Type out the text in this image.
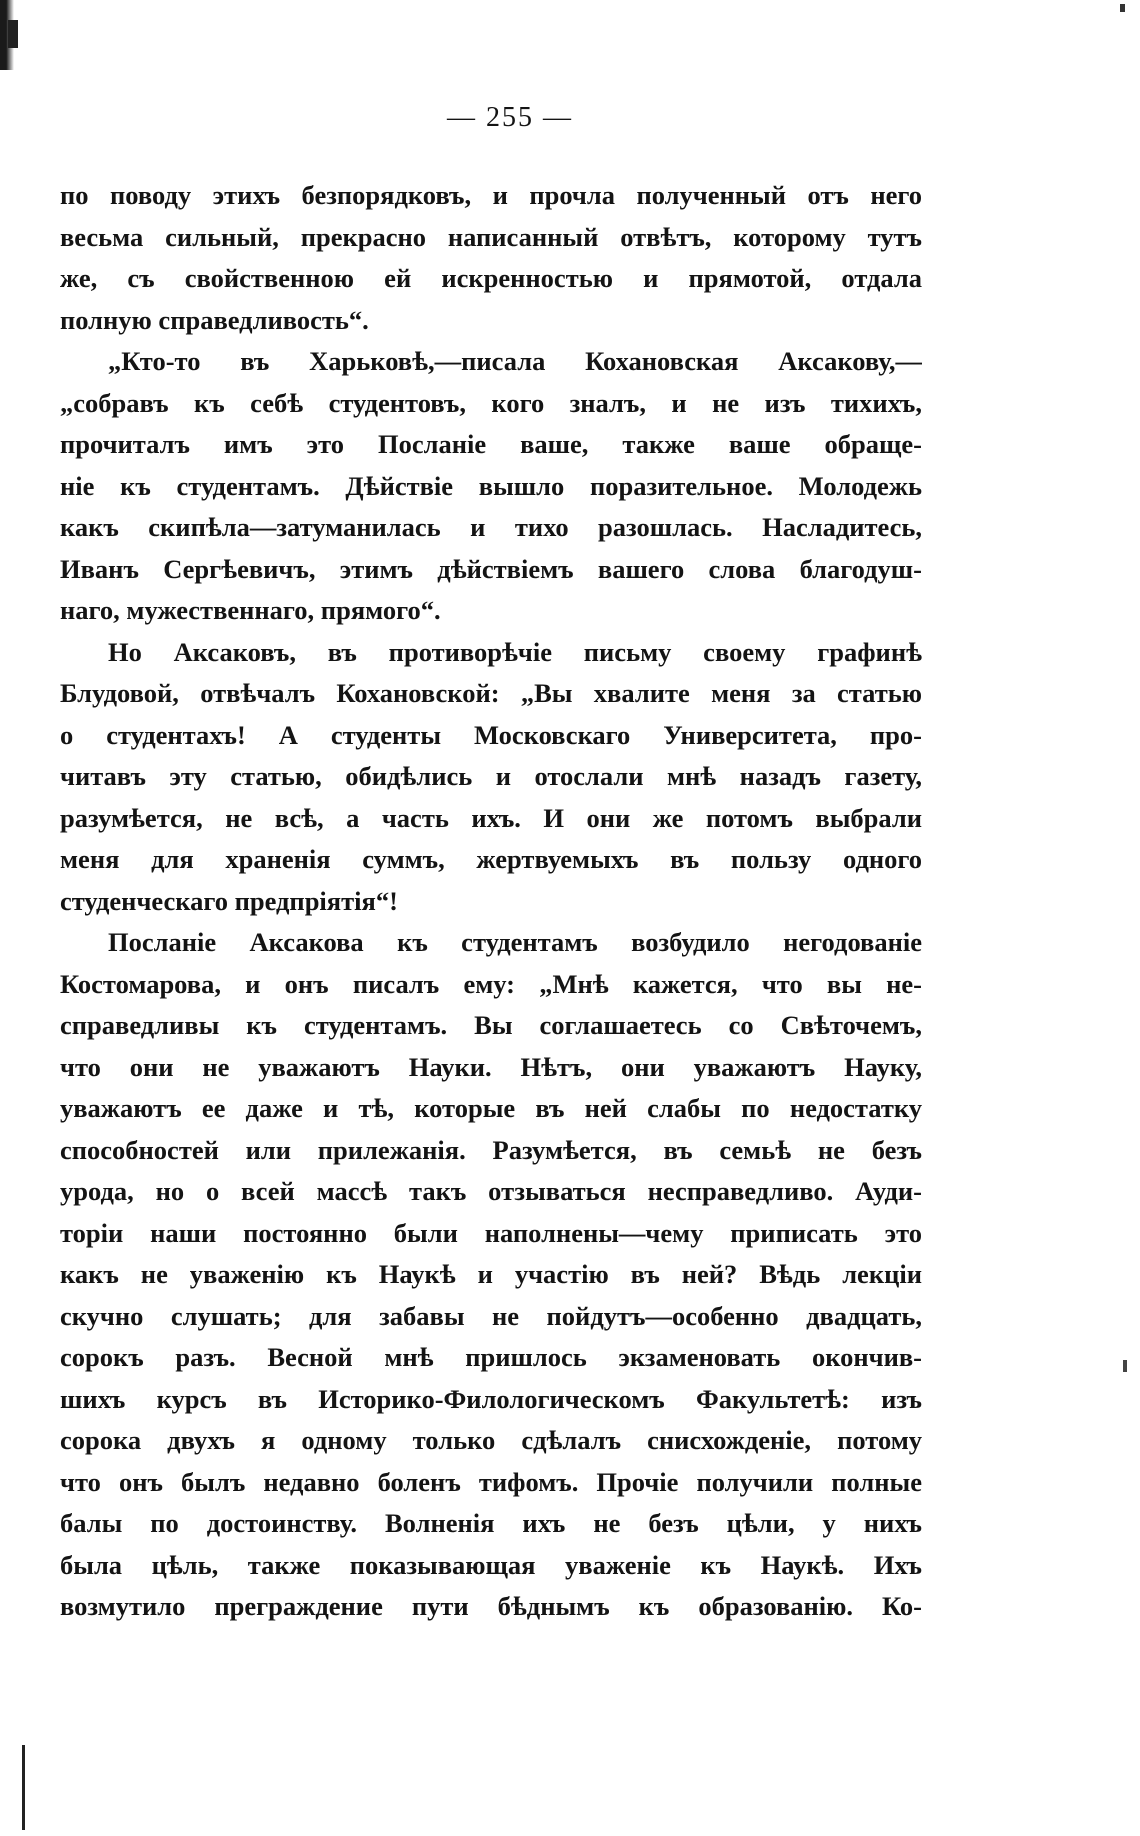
— 255 —
по поводу этихъ безпорядковъ, и прочла полученный отъ него
весьма сильный, прекрасно написанный отвѣтъ, которому тутъ
же, съ свойственною ей искренностью и прямотой, отдала
полную справедливость“.
„Кто-то въ Харьковѣ,—писала Кохановская Аксакову,—
„собравъ къ себѣ студентовъ, кого зналъ, и не изъ тихихъ,
прочиталъ имъ это Посланіе ваше, также ваше обраще-
ніе къ студентамъ. Дѣйствіе вышло поразительное. Молодежь
какъ скипѣла—затуманилась и тихо разошлась. Насладитесь,
Иванъ Сергѣевичъ, этимъ дѣйствіемъ вашего слова благодуш-
наго, мужественнаго, прямого“.
Но Аксаковъ, въ противорѣчіе письму своему графинѣ
Блудовой, отвѣчалъ Кохановской: „Вы хвалите меня за статью
о студентахъ! А студенты Московскаго Университета, про-
читавъ эту статью, обидѣлись и отослали мнѣ назадъ газету,
разумѣется, не всѣ, а часть ихъ. И они же потомъ выбрали
меня для храненія суммъ, жертвуемыхъ въ пользу одного
студенческаго предпріятія“!
Посланіе Аксакова къ студентамъ возбудило негодованіе
Костомарова, и онъ писалъ ему: „Мнѣ кажется, что вы не-
справедливы къ студентамъ. Вы соглашаетесь со Свѣточемъ,
что они не уважаютъ Науки. Нѣтъ, они уважаютъ Науку,
уважаютъ ее даже и тѣ, которые въ ней слабы по недостатку
способностей или прилежанія. Разумѣется, въ семьѣ не безъ
урода, но о всей массѣ такъ отзываться несправедливо. Ауди-
торіи наши постоянно были наполнены—чему приписать это
какъ не уваженію къ Наукѣ и участію въ ней? Вѣдь лекціи
скучно слушать; для забавы не пойдутъ—особенно двадцать,
сорокъ разъ. Весной мнѣ пришлось экзаменовать окончив-
шихъ курсъ въ Историко-Филологическомъ Факультетѣ: изъ
сорока двухъ я одному только сдѣлалъ снисхожденіе, потому
что онъ былъ недавно боленъ тифомъ. Прочіе получили полные
балы по достоинству. Волненія ихъ не безъ цѣли, у нихъ
была цѣль, также показывающая уваженіе къ Наукѣ. Ихъ
возмутило преграждение пути бѣднымъ къ образованію. Ко-
